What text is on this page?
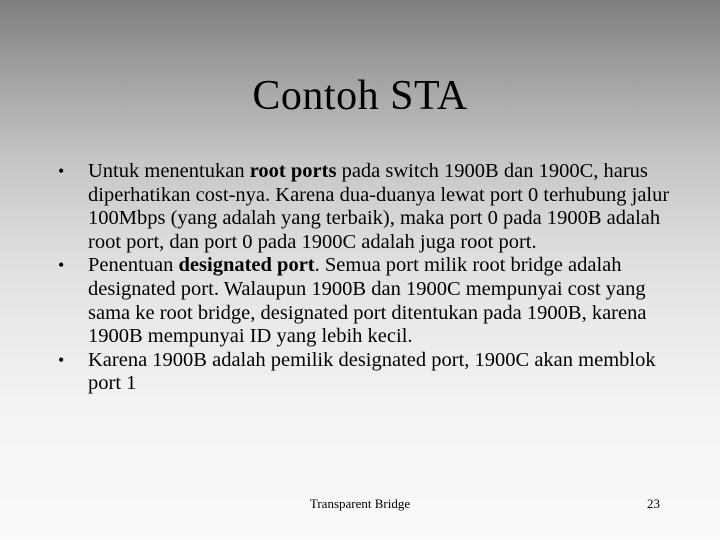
Contoh STA
•	Untuk menentukan root ports pada switch 1900B dan 1900C, harus diperhatikan cost-nya. Karena dua-duanya lewat port 0 terhubung jalur 100Mbps (yang adalah yang terbaik), maka port 0 pada 1900B adalah root port, dan port 0 pada 1900C adalah juga root port.
•	Penentuan designated port. Semua port milik root bridge adalah designated port. Walaupun 1900B dan 1900C mempunyai cost yang sama ke root bridge, designated port ditentukan pada 1900B, karena 1900B mempunyai ID yang lebih kecil.
•	Karena 1900B adalah pemilik designated port, 1900C akan memblok port 1
Transparent Bridge	23
